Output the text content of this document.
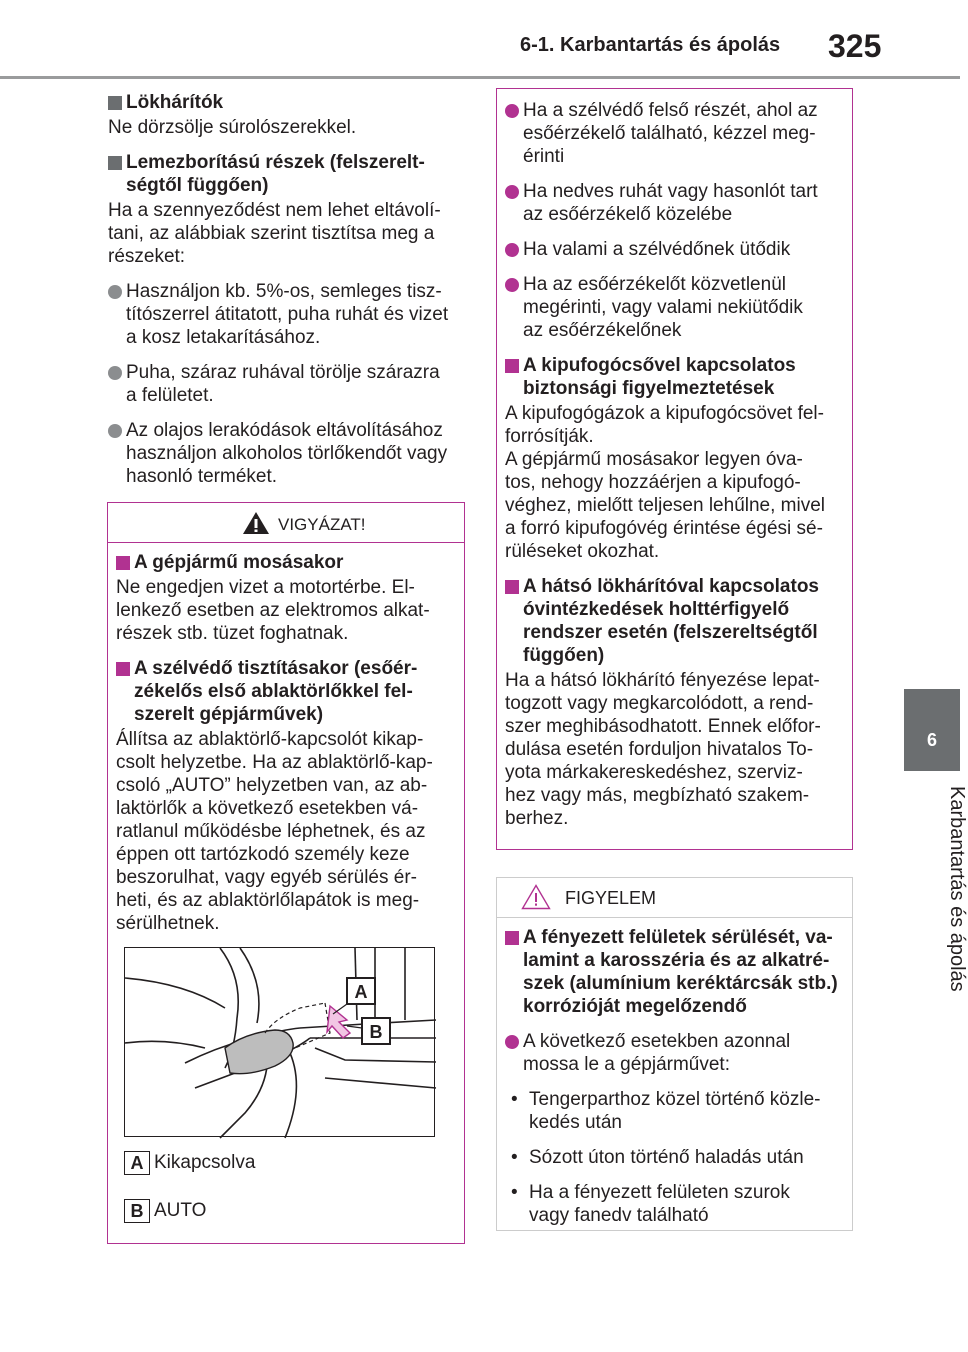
6-1. Karbantartás és ápolás 325
6
Karbantartás és ápolás
Lökhárítók
Ne dörzsölje súrolószerekkel.
Lemezborítású részek (felszerelt-
ségtől függően)
Ha a szennyeződést nem lehet eltávolí-
tani, az alábbiak szerint tisztítsa meg a
részeket:
Használjon kb. 5%-os, semleges tisz-
títószerrel átitatott, puha ruhát és vizet
a kosz letakarításához.
Puha, száraz ruhával törölje szárazra
a felületet.
Az olajos lerakódások eltávolításához
használjon alkoholos törlőkendőt vagy
hasonló terméket.
VIGYÁZAT!
A gépjármű mosásakor
Ne engedjen vizet a motortérbe. El-
lenkező esetben az elektromos alkat-
részek stb. tüzet foghatnak.
A szélvédő tisztításakor (esőér-
zékelős első ablaktörlőkkel fel-
szerelt gépjárművek)
Állítsa az ablaktörlő-kapcsolót kikap-
csolt helyzetbe. Ha az ablaktörlő-kap-
csoló „AUTO” helyzetben van, az ab-
laktörlők a következő esetekben vá-
ratlanul működésbe léphetnek, és az
éppen ott tartózkodó személy keze
beszorulhat, vagy egyéb sérülés ér-
heti, és az ablaktörlőlapátok is meg-
sérülhetnek.
A
B
A Kikapcsolva
B AUTO
Ha a szélvédő felső részét, ahol az
esőérzékelő található, kézzel meg-
érinti
Ha nedves ruhát vagy hasonlót tart
az esőérzékelő közelébe
Ha valami a szélvédőnek ütődik
Ha az esőérzékelőt közvetlenül
megérinti, vagy valami nekiütődik
az esőérzékelőnek
A kipufogócsővel kapcsolatos
biztonsági figyelmeztetések
A kipufogógázok a kipufogócsövet fel-
forrósítják.
A gépjármű mosásakor legyen óva-
tos, nehogy hozzáérjen a kipufogó-
véghez, mielőtt teljesen lehűlne, mivel
a forró kipufogóvég érintése égési sé-
rüléseket okozhat.
A hátsó lökhárítóval kapcsolatos
óvintézkedések holttérfigyelő
rendszer esetén (felszereltségtől
függően)
Ha a hátsó lökhárító fényezése lepat-
togzott vagy megkarcolódott, a rend-
szer meghibásodhatott. Ennek előfor-
dulása esetén forduljon hivatalos To-
yota márkakereskedéshez, szerviz-
hez vagy más, megbízható szakem-
berhez.
FIGYELEM
A fényezett felületek sérülését, va-
lamint a karosszéria és az alkatré-
szek (alumínium keréktárcsák stb.)
korrózióját megelőzendő
A következő esetekben azonnal
mossa le a gépjárművet:
• Tengerparthoz közel történő közle-
kedés után
• Sózott úton történő haladás után
• Ha a fényezett felületen szurok
vagy fanedv található
